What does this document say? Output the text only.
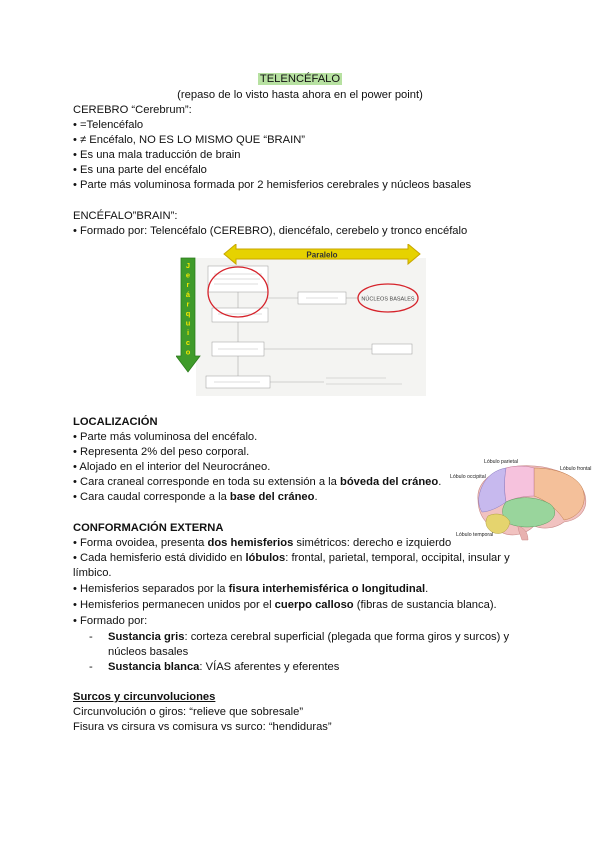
TELENCÉFALO
(repaso de lo visto hasta ahora en el power point)
CEREBRO “Cerebrum”:
• =Telencéfalo
• ≠ Encéfalo, NO ES LO MISMO QUE “BRAIN”
• Es una mala traducción de brain
• Es una parte del encéfalo
• Parte más voluminosa formada por 2 hemisferios cerebrales y núcleos basales
ENCÉFALO”BRAIN”:
• Formado por: Telencéfalo (CEREBRO), diencéfalo, cerebelo y tronco encéfalo
Paralelo
J
e
r
á
r
q
u
i
c
o
NÚCLEOS BASALES
LOCALIZACIÓN
• Parte más voluminosa del encéfalo.
• Representa 2% del peso corporal.
• Alojado en el interior del Neurocráneo.
• Cara craneal corresponde en toda su extensión a la bóveda del cráneo.
• Cara caudal corresponde a la base del cráneo.
Lóbulo parietal
Lóbulo frontal
Lóbulo occipital
Lóbulo temporal
CONFORMACIÓN EXTERNA
• Forma ovoidea, presenta dos hemisferios simétricos: derecho e izquierdo
• Cada hemisferio está dividido en lóbulos: frontal, parietal, temporal, occipital, insular y
límbico.
• Hemisferios separados por la fisura interhemisférica o longitudinal.
• Hemisferios permanecen unidos por el cuerpo calloso (fibras de sustancia blanca).
• Formado por:
- Sustancia gris: corteza cerebral superficial (plegada que forma giros y surcos) y
núcleos basales
- Sustancia blanca: VÍAS aferentes y eferentes
Surcos y circunvoluciones
Circunvolución o giros: “relieve que sobresale”
Fisura vs cirsura vs comisura vs surco: “hendiduras”
